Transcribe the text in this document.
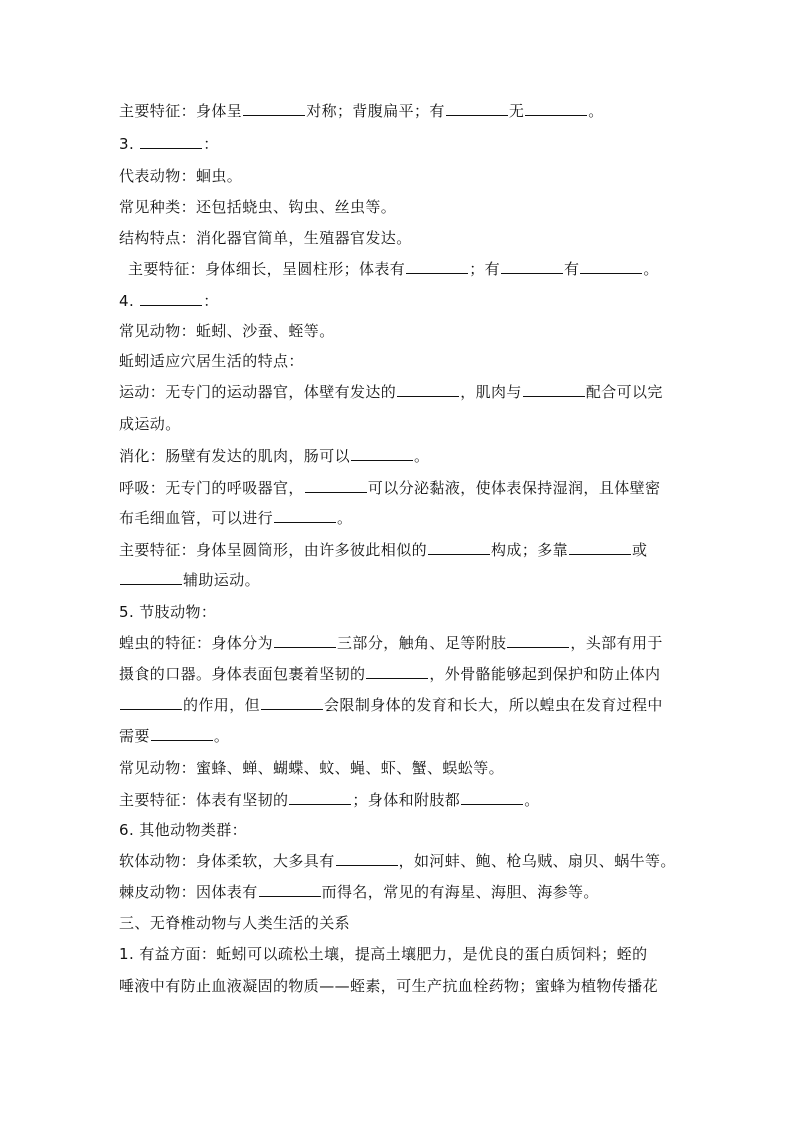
主要特征：身体呈	对称；背腹扁平；有	无	。
3.	：
代表动物：蛔虫。
常见种类：还包括蛲虫、钩虫、丝虫等。
结构特点：消化器官简单，生殖器官发达。
主要特征：身体细长，呈圆柱形；体表有	；有	有	。
4.	：
常见动物：蚯蚓、沙蚕、蛭等。
蚯蚓适应穴居生活的特点：
运动：无专门的运动器官，体壁有发达的	，肌肉与	配合可以完
成运动。
消化：肠壁有发达的肌肉，肠可以	。
呼吸：无专门的呼吸器官，	可以分泌黏液，使体表保持湿润，且体壁密
布毛细血管，可以进行	。
主要特征：身体呈圆筒形，由许多彼此相似的	构成；多靠	或
辅助运动。
5. 节肢动物：
蝗虫的特征：身体分为	三部分，触角、足等附肢	，头部有用于
摄食的口器。身体表面包裹着坚韧的	，外骨骼能够起到保护和防止体内
的作用，但	会限制身体的发育和长大，所以蝗虫在发育过程中
需要	。
常见动物：蜜蜂、蝉、蝴蝶、蚊、蝇、虾、蟹、蜈蚣等。
主要特征：体表有坚韧的	；身体和附肢都	。
6. 其他动物类群：
软体动物：身体柔软，大多具有	，如河蚌、鲍、枪乌贼、扇贝、蜗牛等。
棘皮动物：因体表有	而得名，常见的有海星、海胆、海参等。
三、无脊椎动物与人类生活的关系
1. 有益方面：蚯蚓可以疏松土壤，提高土壤肥力，是优良的蛋白质饲料；蛭的
唾液中有防止血液凝固的物质——蛭素，可生产抗血栓药物；蜜蜂为植物传播花
